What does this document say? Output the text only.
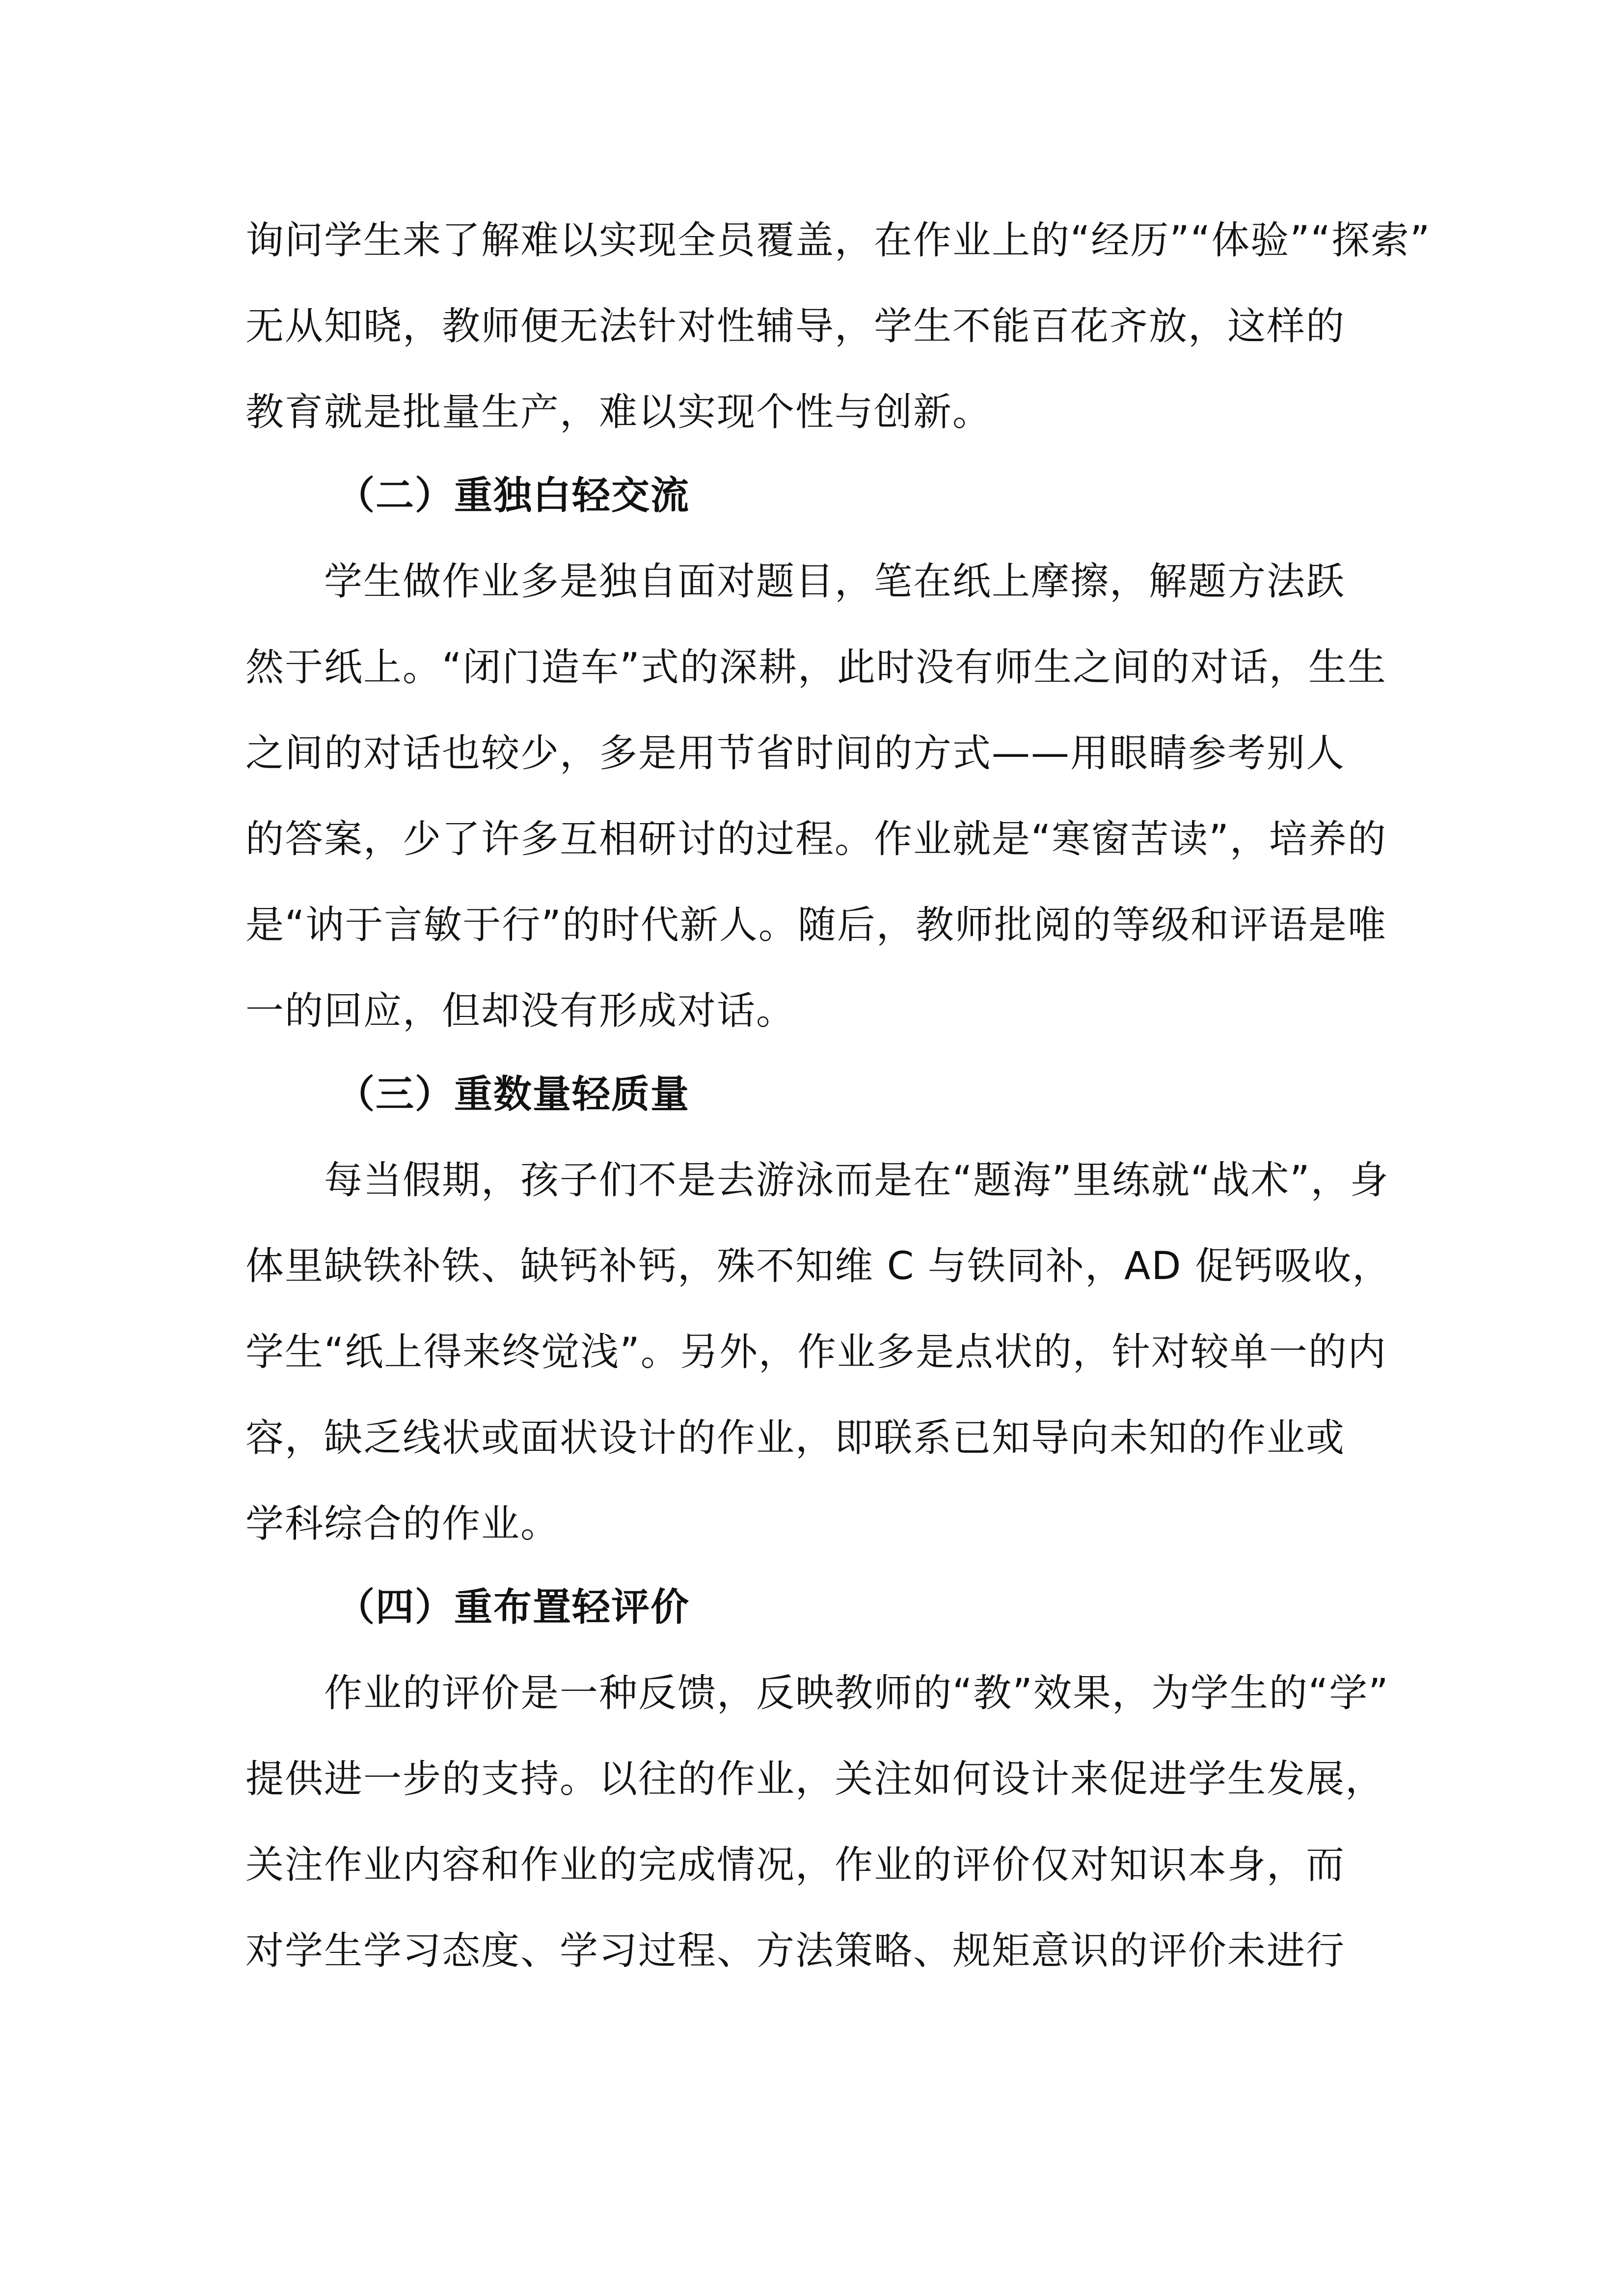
询问学生来了解难以实现全员覆盖，在作业上的“经历”“体验”“探索”
无从知晓，教师便无法针对性辅导，学生不能百花齐放，这样的
教育就是批量生产，难以实现个性与创新。
（二）重独白轻交流
学生做作业多是独自面对题目，笔在纸上摩擦，解题方法跃
然于纸上。“闭门造车”式的深耕，此时没有师生之间的对话，生生
之间的对话也较少，多是用节省时间的方式——用眼睛参考别人
的答案，少了许多互相研讨的过程。作业就是“寒窗苦读”，培养的
是“讷于言敏于行”的时代新人。随后，教师批阅的等级和评语是唯
一的回应，但却没有形成对话。
（三）重数量轻质量
每当假期，孩子们不是去游泳而是在“题海”里练就“战术”，身
体里缺铁补铁、缺钙补钙，殊不知维 C 与铁同补，AD 促钙吸收，
学生“纸上得来终觉浅”。另外，作业多是点状的，针对较单一的内
容，缺乏线状或面状设计的作业，即联系已知导向未知的作业或
学科综合的作业。
（四）重布置轻评价
作业的评价是一种反馈，反映教师的“教”效果，为学生的“学”
提供进一步的支持。以往的作业，关注如何设计来促进学生发展，
关注作业内容和作业的完成情况，作业的评价仅对知识本身，而
对学生学习态度、学习过程、方法策略、规矩意识的评价未进行
